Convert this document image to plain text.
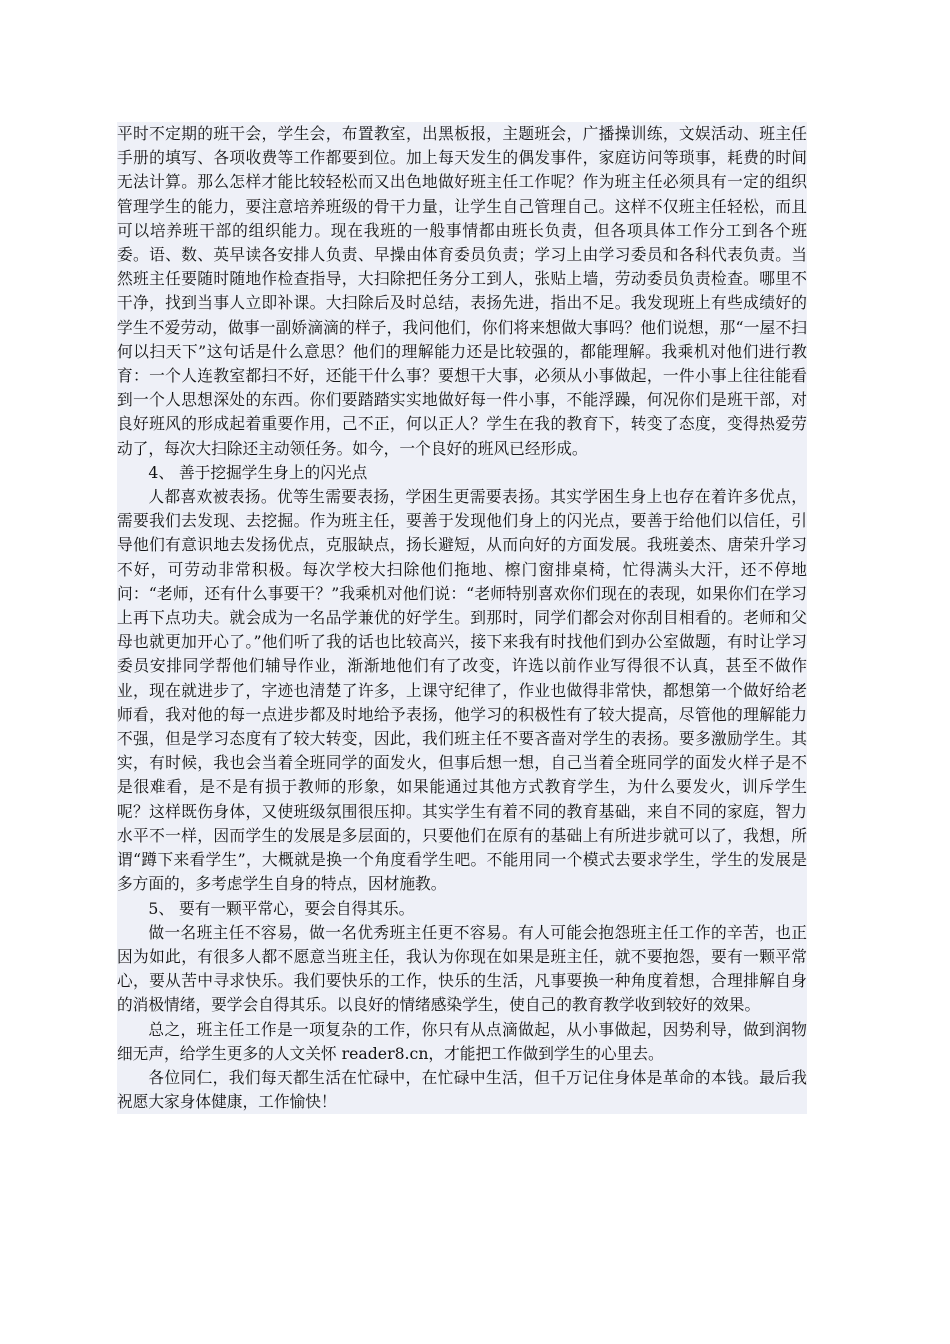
平时不定期的班干会，学生会，布置教室，出黑板报，主题班会，广播操训练，文娱活动、班主任手册的填写、各项收费等工作都要到位。加上每天发生的偶发事件，家庭访问等琐事，耗费的时间无法计算。那么怎样才能比较轻松而又出色地做好班主任工作呢？作为班主任必须具有一定的组织管理学生的能力，要注意培养班级的骨干力量，让学生自己管理自己。这样不仅班主任轻松，而且可以培养班干部的组织能力。现在我班的一般事情都由班长负责，但各项具体工作分工到各个班委。语、数、英早读各安排人负责、早操由体育委员负责；学习上由学习委员和各科代表负责。当然班主任要随时随地作检查指导，大扫除把任务分工到人，张贴上墙，劳动委员负责检查。哪里不干净，找到当事人立即补课。大扫除后及时总结，表扬先进，指出不足。我发现班上有些成绩好的学生不爱劳动，做事一副娇滴滴的样子，我问他们，你们将来想做大事吗？他们说想，那“一屋不扫何以扫天下”这句话是什么意思？他们的理解能力还是比较强的，都能理解。我乘机对他们进行教育：一个人连教室都扫不好，还能干什么事？要想干大事，必须从小事做起，一件小事上往往能看到一个人思想深处的东西。你们要踏踏实实地做好每一件小事，不能浮躁，何况你们是班干部，对良好班风的形成起着重要作用，己不正，何以正人？学生在我的教育下，转变了态度，变得热爱劳动了，每次大扫除还主动领任务。如今，一个良好的班风已经形成。

4、 善于挖掘学生身上的闪光点

人都喜欢被表扬。优等生需要表扬，学困生更需要表扬。其实学困生身上也存在着许多优点，需要我们去发现、去挖掘。作为班主任，要善于发现他们身上的闪光点，要善于给他们以信任，引导他们有意识地去发扬优点，克服缺点，扬长避短，从而向好的方面发展。我班姜杰、唐荣升学习不好，可劳动非常积极。每次学校大扫除他们拖地、檫门窗排桌椅，忙得满头大汗，还不停地问：“老师，还有什么事要干？”我乘机对他们说：“老师特别喜欢你们现在的表现，如果你们在学习上再下点功夫。就会成为一名品学兼优的好学生。到那时，同学们都会对你刮目相看的。老师和父母也就更加开心了。”他们听了我的话也比较高兴，接下来我有时找他们到办公室做题，有时让学习委员安排同学帮他们辅导作业，渐渐地他们有了改变，许选以前作业写得很不认真，甚至不做作业，现在就进步了，字迹也清楚了许多，上课守纪律了，作业也做得非常快，都想第一个做好给老师看，我对他的每一点进步都及时地给予表扬，他学习的积极性有了较大提高，尽管他的理解能力不强，但是学习态度有了较大转变，因此，我们班主任不要吝啬对学生的表扬。要多激励学生。其实，有时候，我也会当着全班同学的面发火，但事后想一想，自己当着全班同学的面发火样子是不是很难看，是不是有损于教师的形象，如果能通过其他方式教育学生，为什么要发火，训斥学生呢？这样既伤身体，又使班级氛围很压抑。其实学生有着不同的教育基础，来自不同的家庭，智力水平不一样，因而学生的发展是多层面的，只要他们在原有的基础上有所进步就可以了，我想，所谓“蹲下来看学生”，大概就是换一个角度看学生吧。不能用同一个模式去要求学生，学生的发展是多方面的，多考虑学生自身的特点，因材施教。

5、 要有一颗平常心，要会自得其乐。

做一名班主任不容易，做一名优秀班主任更不容易。有人可能会抱怨班主任工作的辛苦，也正因为如此，有很多人都不愿意当班主任，我认为你现在如果是班主任，就不要抱怨，要有一颗平常心，要从苦中寻求快乐。我们要快乐的工作，快乐的生活，凡事要换一种角度着想，合理排解自身的消极情绪，要学会自得其乐。以良好的情绪感染学生，使自己的教育教学收到较好的效果。

总之，班主任工作是一项复杂的工作，你只有从点滴做起，从小事做起，因势利导，做到润物细无声，给学生更多的人文关怀 reader8.cn，才能把工作做到学生的心里去。

各位同仁，我们每天都生活在忙碌中，在忙碌中生活，但千万记住身体是革命的本钱。最后我祝愿大家身体健康，工作愉快！
